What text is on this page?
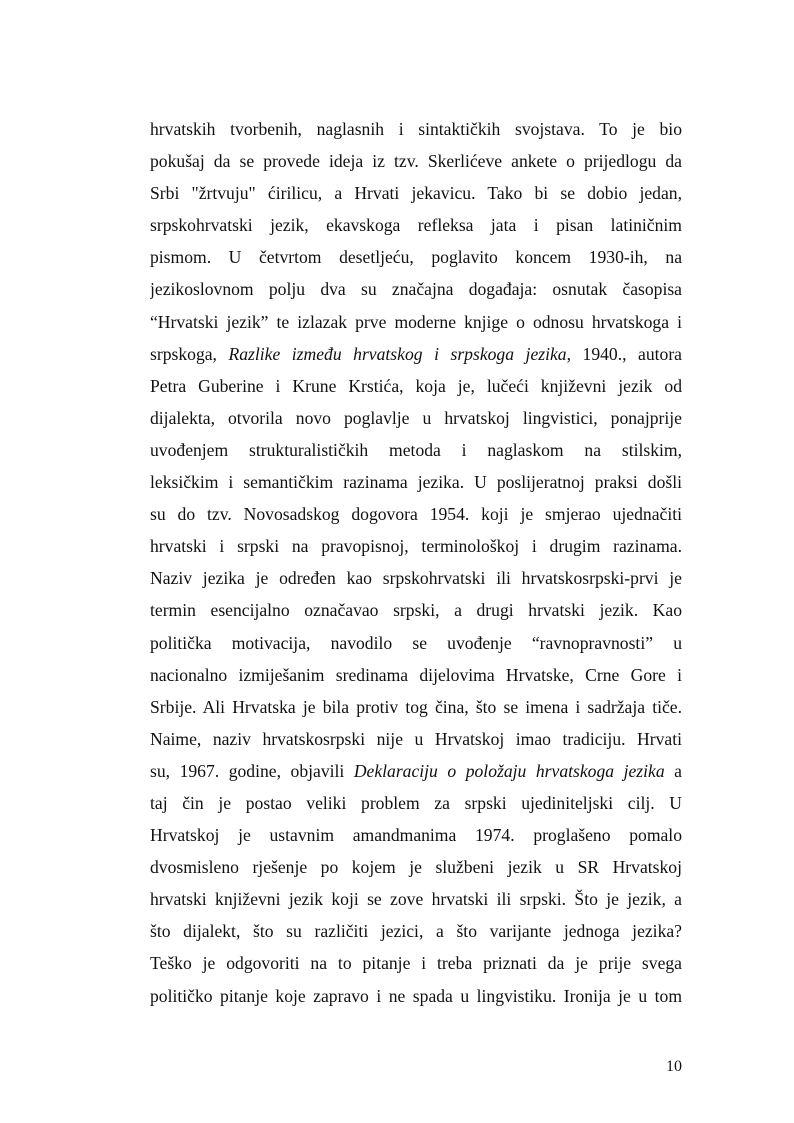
hrvatskih tvorbenih, naglasnih i sintaktičkih svojstava. To je bio
pokušaj da se provede ideja iz tzv. Skerlićeve ankete o prijedlogu da
Srbi "žrtvuju" ćirilicu, a Hrvati jekavicu. Tako bi se dobio jedan,
srpskohrvatski jezik, ekavskoga refleksa jata i pisan latiničnim
pismom. U četvrtom desetljeću, poglavito koncem 1930-ih, na
jezikoslovnom polju dva su značajna događaja: osnutak časopisa
“Hrvatski jezik” te izlazak prve moderne knjige o odnosu hrvatskoga i
srpskoga, Razlike između hrvatskog i srpskoga jezika, 1940., autora
Petra Guberine i Krune Krstića, koja je, lučeći književni jezik od
dijalekta, otvorila novo poglavlje u hrvatskoj lingvistici, ponajprije
uvođenjem strukturalističkih metoda i naglaskom na stilskim,
leksičkim i semantičkim razinama jezika. U poslijeratnoj praksi došli
su do tzv. Novosadskog dogovora 1954. koji je smjerao ujednačiti
hrvatski i srpski na pravopisnoj, terminološkoj i drugim razinama.
Naziv jezika je određen kao srpskohrvatski ili hrvatskosrpski-prvi je
termin esencijalno označavao srpski, a drugi hrvatski jezik. Kao
politička motivacija, navodilo se uvođenje “ravnopravnosti” u
nacionalno izmiješanim sredinama dijelovima Hrvatske, Crne Gore i
Srbije. Ali Hrvatska je bila protiv tog čina, što se imena i sadržaja tiče.
Naime, naziv hrvatskosrpski nije u Hrvatskoj imao tradiciju. Hrvati
su, 1967. godine, objavili Deklaraciju o položaju hrvatskoga jezika a
taj čin je postao veliki problem za srpski ujediniteljski cilj. U
Hrvatskoj je ustavnim amandmanima 1974. proglašeno pomalo
dvosmisleno rješenje po kojem je službeni jezik u SR Hrvatskoj
hrvatski književni jezik koji se zove hrvatski ili srpski. Što je jezik, a
što dijalekt, što su različiti jezici, a što varijante jednoga jezika?
Teško je odgovoriti na to pitanje i treba priznati da je prije svega
političko pitanje koje zapravo i ne spada u lingvistiku. Ironija je u tom
10
